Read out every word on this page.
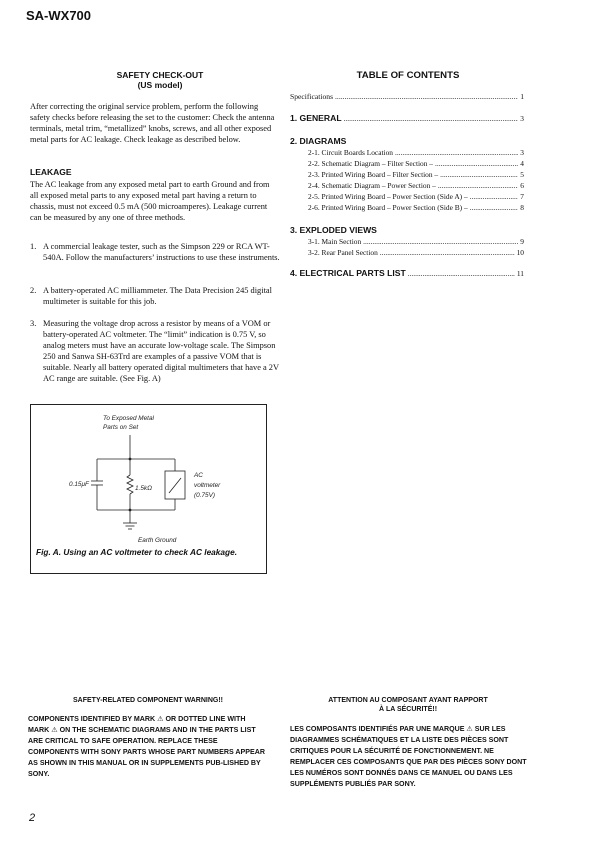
SA-WX700
SAFETY CHECK-OUT
(US model)
After correcting the original service problem, perform the following safety checks before releasing the set to the customer: Check the antenna terminals, metal trim, “metallized” knobs, screws, and all other exposed metal parts for AC leakage. Check leakage as described below.
LEAKAGE
The AC leakage from any exposed metal part to earth Ground and from all exposed metal parts to any exposed metal part having a return to chassis, must not exceed 0.5 mA (500 microamperes). Leakage current can be measured by any one of three methods.
1. A commercial leakage tester, such as the Simpson 229 or RCA WT-540A. Follow the manufacturers’ instructions to use these instruments.
2. A battery-operated AC milliammeter. The Data Precision 245 digital multimeter is suitable for this job.
3. Measuring the voltage drop across a resistor by means of a VOM or battery-operated AC voltmeter. The “limit” indication is 0.75 V, so analog meters must have an accurate low-voltage scale. The Simpson 250 and Sanwa SH-63Trd are examples of a passive VOM that is suitable. Nearly all battery operated digital multimeters that have a 2V AC range are suitable. (See Fig. A)
To Exposed Metal
Parts on Set
0.15μF
1.5kΩ
AC
voltmeter
(0.75V)
Earth Ground
Fig. A. Using an AC voltmeter to check AC leakage.
TABLE OF CONTENTS
Specifications .....	1
1. GENERAL .....	3
2. DIAGRAMS
2-1. Circuit Boards Location .....	3
2-2. Schematic Diagram – Filter Section – .....	4
2-3. Printed Wiring Board – Filter Section – .....	5
2-4. Schematic Diagram – Power Section – .....	6
2-5. Printed Wiring Board – Power Section (Side A) – .....	7
2-6. Printed Wiring Board – Power Section (Side B) – .....	8
3. EXPLODED VIEWS
3-1. Main Section .....	9
3-2. Rear Panel Section .....	10
4. ELECTRICAL PARTS LIST .....	11
SAFETY-RELATED COMPONENT WARNING!!
COMPONENTS IDENTIFIED BY MARK ⚠ OR DOTTED LINE WITH MARK ⚠ ON THE SCHEMATIC DIAGRAMS AND IN THE PARTS LIST ARE CRITICAL TO SAFE OPERATION. REPLACE THESE COMPONENTS WITH SONY PARTS WHOSE PART NUMBERS APPEAR AS SHOWN IN THIS MANUAL OR IN SUPPLEMENTS PUB-LISHED BY SONY.
ATTENTION AU COMPOSANT AYANT RAPPORT
À LA SÉCURITÉ!!
LES COMPOSANTS IDENTIFIÉS PAR UNE MARQUE ⚠ SUR LES DIAGRAMMES SCHÉMATIQUES ET LA LISTE DES PIÈCES SONT CRITIQUES POUR LA SÉCURITÉ DE FONCTIONNEMENT. NE REMPLACER CES COMPOSANTS QUE PAR DES PIÈCES SONY DONT LES NUMÉROS SONT DONNÉS DANS CE MANUEL OU DANS LES SUPPLÉMENTS PUBLIÉS PAR SONY.
2
